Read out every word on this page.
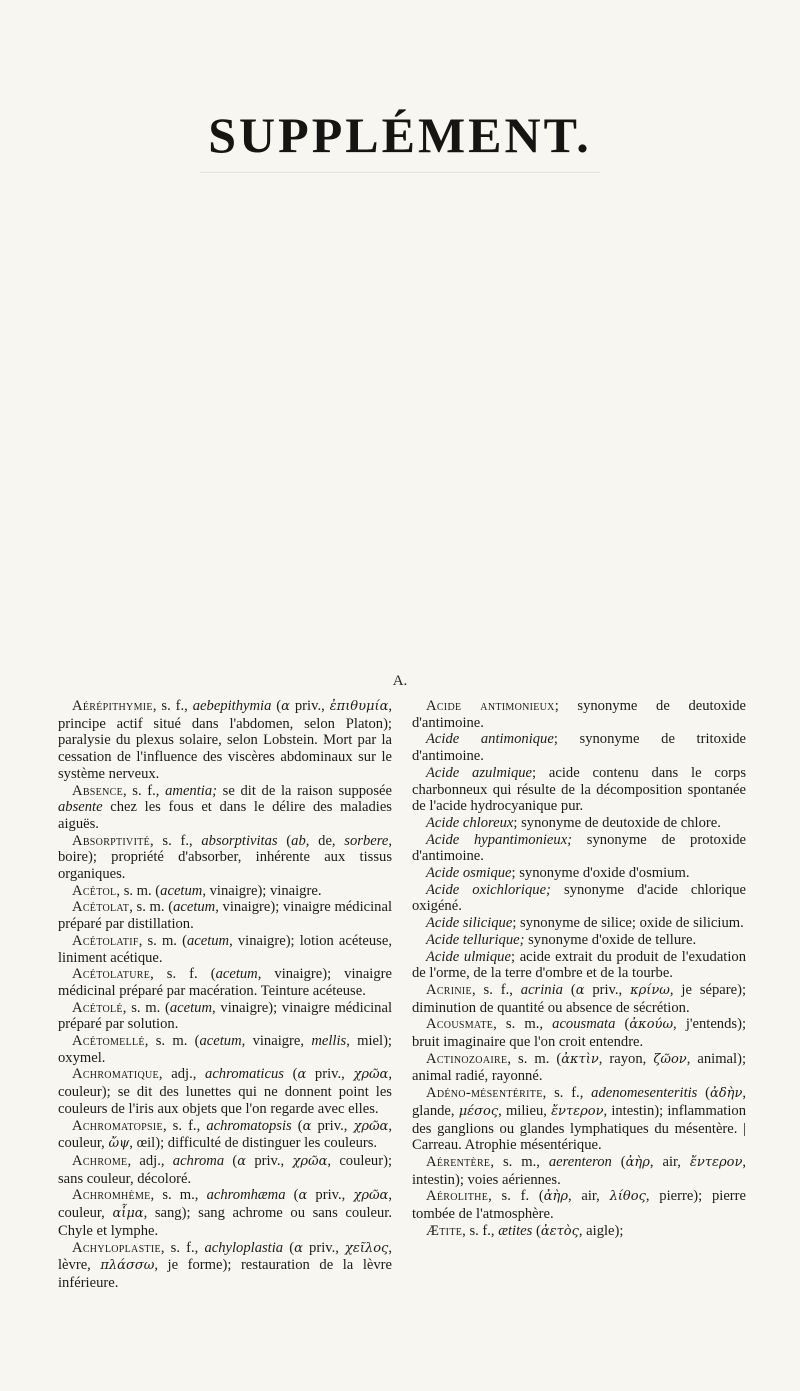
SUPPLÉMENT.

A.

Aérépithymie, s. f., aebepithymia (α priv., ἐπιθυμία, principe actif situé dans l'abdomen, selon Platon); paralysie du plexus solaire, selon Lobstein. Mort par la cessation de l'influence des viscères abdominaux sur le système nerveux.

Absence, s. f., amentia; se dit de la raison supposée absente chez les fous et dans le délire des maladies aiguës.

Absorptivité, s. f., absorptivitas (ab, de, sorbere, boire); propriété d'absorber, inhérente aux tissus organiques.

Acétol, s. m. (acetum, vinaigre); vinaigre.

Acétolat, s. m. (acetum, vinaigre); vinaigre médicinal préparé par distillation.

Acétolatif, s. m. (acetum, vinaigre); lotion acéteuse, liniment acétique.

Acétolature, s. f. (acetum, vinaigre); vinaigre médicinal préparé par macération. Teinture acéteuse.

Acétolé, s. m. (acetum, vinaigre); vinaigre médicinal préparé par solution.

Acétomellé, s. m. (acetum, vinaigre, mellis, miel); oxymel.

Achromatique, adj., achromaticus (α priv., χρῶα, couleur); se dit des lunettes qui ne donnent point les couleurs de l'iris aux objets que l'on regarde avec elles.

Achromatopsie, s. f., achromatopsis (α priv., χρῶα, couleur, ὤψ, œil); difficulté de distinguer les couleurs.

Achrome, adj., achroma (α priv., χρῶα, couleur); sans couleur, décoloré.

Achromhème, s. m., achromhæma (α priv., χρῶα, couleur, αἷμα, sang); sang achrome ou sans couleur. Chyle et lymphe.

Achyloplastie, s. f., achyloplastia (α priv., χεῖλος, lèvre, πλάσσω, je forme); restauration de la lèvre inférieure.

Acide antimonieux; synonyme de deutoxide d'antimoine.

Acide antimonique; synonyme de tritoxide d'antimoine.

Acide azulmique; acide contenu dans le corps charbonneux qui résulte de la décomposition spontanée de l'acide hydrocyanique pur.

Acide chloreux; synonyme de deutoxide de chlore.

Acide hypantimonieux; synonyme de protoxide d'antimoine.

Acide osmique; synonyme d'oxide d'osmium.

Acide oxichlorique; synonyme d'acide chlorique oxigéné.

Acide silicique; synonyme de silice; oxide de silicium.

Acide tellurique; synonyme d'oxide de tellure.

Acide ulmique; acide extrait du produit de l'exudation de l'orme, de la terre d'ombre et de la tourbe.

Acrinie, s. f., acrinia (α priv., κρίνω, je sépare); diminution de quantité ou absence de sécrétion.

Acousmate, s. m., acousmata (ἀκούω, j'entends); bruit imaginaire que l'on croit entendre.

Actinozoaire, s. m. (ἀκτὶν, rayon, ζῶον, animal); animal radié, rayonné.

Adéno-mésentérite, s. f., adenomesenteritis (ἀδὴν, glande, μέσος, milieu, ἔντερον, intestin); inflammation des ganglions ou glandes lymphatiques du mésentère. | Carreau. Atrophie mésentérique.

Aérentère, s. m., aerenteron (ἀὴρ, air, ἔντερον, intestin); voies aériennes.

Aérolithe, s. f. (ἀὴρ, air, λίθος, pierre); pierre tombée de l'atmosphère.

Ætite, s. f., ætites (ἀετὸς, aigle);
